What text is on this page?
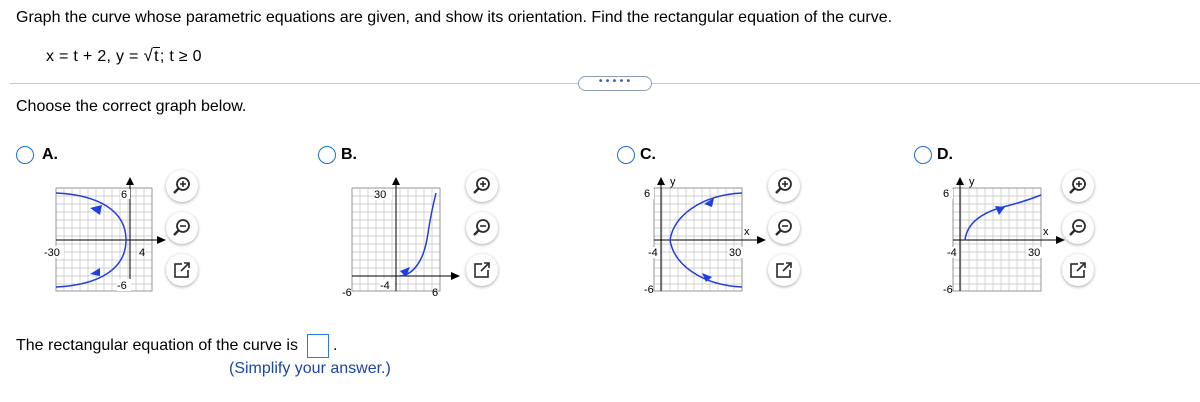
Graph the curve whose parametric equations are given, and show its orientation. Find the rectangular equation of the curve.
x = t + 2, y = √t; t ≥ 0
•••••
Choose the correct graph below.
A.
6
-30	4
-6
B.
30
-6	6
-4
C.
y
x
6
-4	30
-6
D.
y
x
6
-4	30
-6
The rectangular equation of the curve is .
(Simplify your answer.)
